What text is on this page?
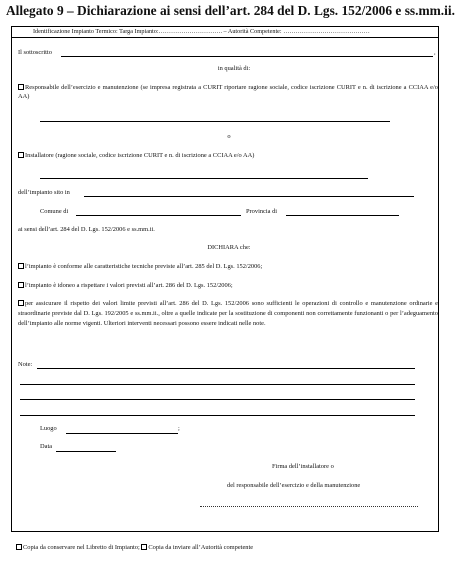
Allegato 9 – Dichiarazione ai sensi dell’art. 284 del D. Lgs. 152/2006 e ss.mm.ii.
Identificazione Impianto Termico: Targa Impianto:…………………………. – Autorità Competente: ……………………………………
Il sottoscritto	,
in qualità di:
Responsabile dell’esercizio e manutenzione (se impresa registrata a CURIT riportare ragione sociale, codice iscrizione CURIT e n. di iscrizione a CCIAA e/o AA)
o
Installatore (ragione sociale, codice iscrizione CURIT e n. di iscrizione a CCIAA e/o AA)
dell’impianto sito in
Comune di	Provincia di
ai sensi dell’art. 284 del D. Lgs. 152/2006 e ss.mm.ii.
DICHIARA che:
l’impianto è conforme alle caratteristiche tecniche previste all’art. 285 del D. Lgs. 152/2006;
l’impianto è idoneo a rispettare i valori previsti all’art. 286 del D. Lgs. 152/2006;
per assicurare il rispetto dei valori limite previsti all’art. 286 del D. Lgs. 152/2006 sono sufficienti le operazioni di controllo e manutenzione ordinarie e straordinarie previste dal D. Lgs. 192/2005 e ss.mm.ii., oltre a quelle indicate per la sostituzione di componenti non correttamente funzionanti o per l’adeguamento dell’impianto alle norme vigenti. Ulteriori interventi necessari possono essere indicati nelle note.
Note:
Luogo	;
Data
Firma dell’installatore o
del responsabile dell’esercizio e della manutenzione
Copia da conservare nel Libretto di Impianto; Copia da inviare all’Autorità competente
